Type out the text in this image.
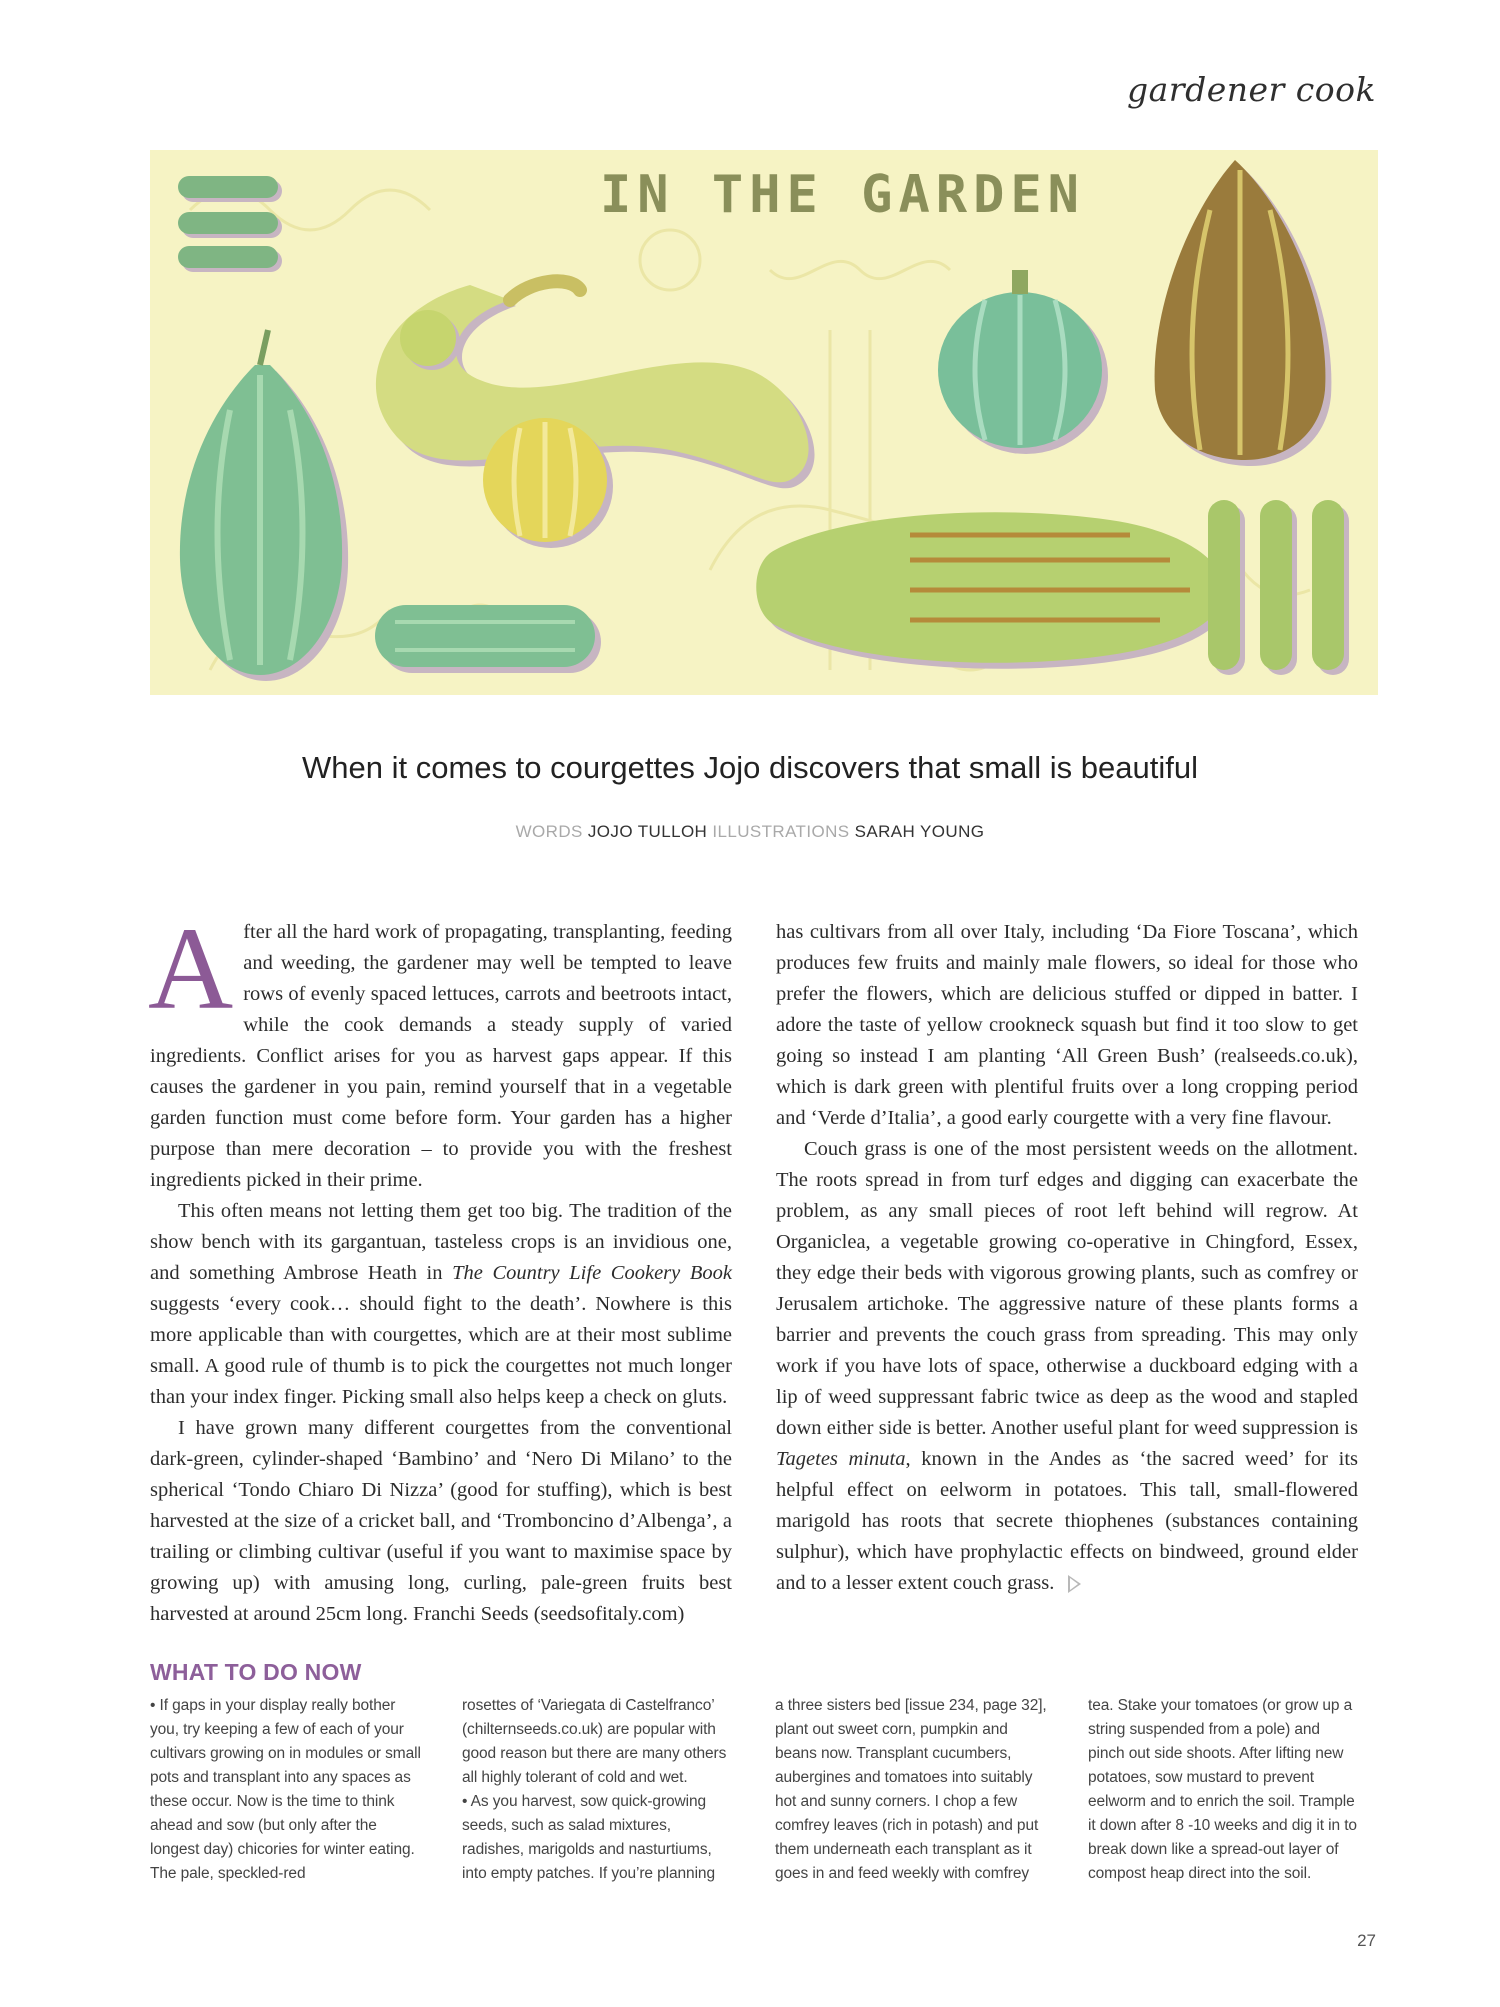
gardener cook
IN THE GARDEN
When it comes to courgettes Jojo discovers that small is beautiful
WORDS JOJO TULLOH ILLUSTRATIONS SARAH YOUNG

After all the hard work of propagating, transplanting, feeding and weeding, the gardener may well be tempted to leave rows of evenly spaced lettuces, carrots and beetroots intact, while the cook demands a steady supply of varied ingredients. Conflict arises for you as harvest gaps appear. If this causes the gardener in you pain, remind yourself that in a vegetable garden function must come before form. Your garden has a higher purpose than mere decoration – to provide you with the freshest ingredients picked in their prime.

This often means not letting them get too big. The tradition of the show bench with its gargantuan, tasteless crops is an invidious one, and something Ambrose Heath in The Country Life Cookery Book suggests ‘every cook… should fight to the death’. Nowhere is this more applicable than with courgettes, which are at their most sublime small. A good rule of thumb is to pick the courgettes not much longer than your index finger. Picking small also helps keep a check on gluts.

I have grown many different courgettes from the conventional dark-green, cylinder-shaped ‘Bambino’ and ‘Nero Di Milano’ to the spherical ‘Tondo Chiaro Di Nizza’ (good for stuffing), which is best harvested at the size of a cricket ball, and ‘Tromboncino d’Albenga’, a trailing or climbing cultivar (useful if you want to maximise space by growing up) with amusing long, curling, pale-green fruits best harvested at around 25cm long. Franchi Seeds (seedsofitaly.com)

has cultivars from all over Italy, including ‘Da Fiore Toscana’, which produces few fruits and mainly male flowers, so ideal for those who prefer the flowers, which are delicious stuffed or dipped in batter. I adore the taste of yellow crookneck squash but find it too slow to get going so instead I am planting ‘All Green Bush’ (realseeds.co.uk), which is dark green with plentiful fruits over a long cropping period and ‘Verde d’Italia’, a good early courgette with a very fine flavour.

Couch grass is one of the most persistent weeds on the allotment. The roots spread in from turf edges and digging can exacerbate the problem, as any small pieces of root left behind will regrow. At Organiclea, a vegetable growing co-operative in Chingford, Essex, they edge their beds with vigorous growing plants, such as comfrey or Jerusalem artichoke. The aggressive nature of these plants forms a barrier and prevents the couch grass from spreading. This may only work if you have lots of space, otherwise a duckboard edging with a lip of weed suppressant fabric twice as deep as the wood and stapled down either side is better. Another useful plant for weed suppression is Tagetes minuta, known in the Andes as ‘the sacred weed’ for its helpful effect on eelworm in potatoes. This tall, small-flowered marigold has roots that secrete thiophenes (substances containing sulphur), which have prophylactic effects on bindweed, ground elder and to a lesser extent couch grass.

WHAT TO DO NOW

• If gaps in your display really bother you, try keeping a few of each of your cultivars growing on in modules or small pots and transplant into any spaces as these occur. Now is the time to think ahead and sow (but only after the longest day) chicories for winter eating. The pale, speckled-red

rosettes of ‘Variegata di Castelfranco’ (chilternseeds.co.uk) are popular with good reason but there are many others all highly tolerant of cold and wet.

• As you harvest, sow quick-growing seeds, such as salad mixtures, radishes, marigolds and nasturtiums, into empty patches. If you’re planning

a three sisters bed [issue 234, page 32], plant out sweet corn, pumpkin and beans now. Transplant cucumbers, aubergines and tomatoes into suitably hot and sunny corners. I chop a few comfrey leaves (rich in potash) and put them underneath each transplant as it goes in and feed weekly with comfrey

tea. Stake your tomatoes (or grow up a string suspended from a pole) and pinch out side shoots. After lifting new potatoes, sow mustard to prevent eelworm and to enrich the soil. Trample it down after 8 -10 weeks and dig it in to break down like a spread-out layer of compost heap direct into the soil.

27
